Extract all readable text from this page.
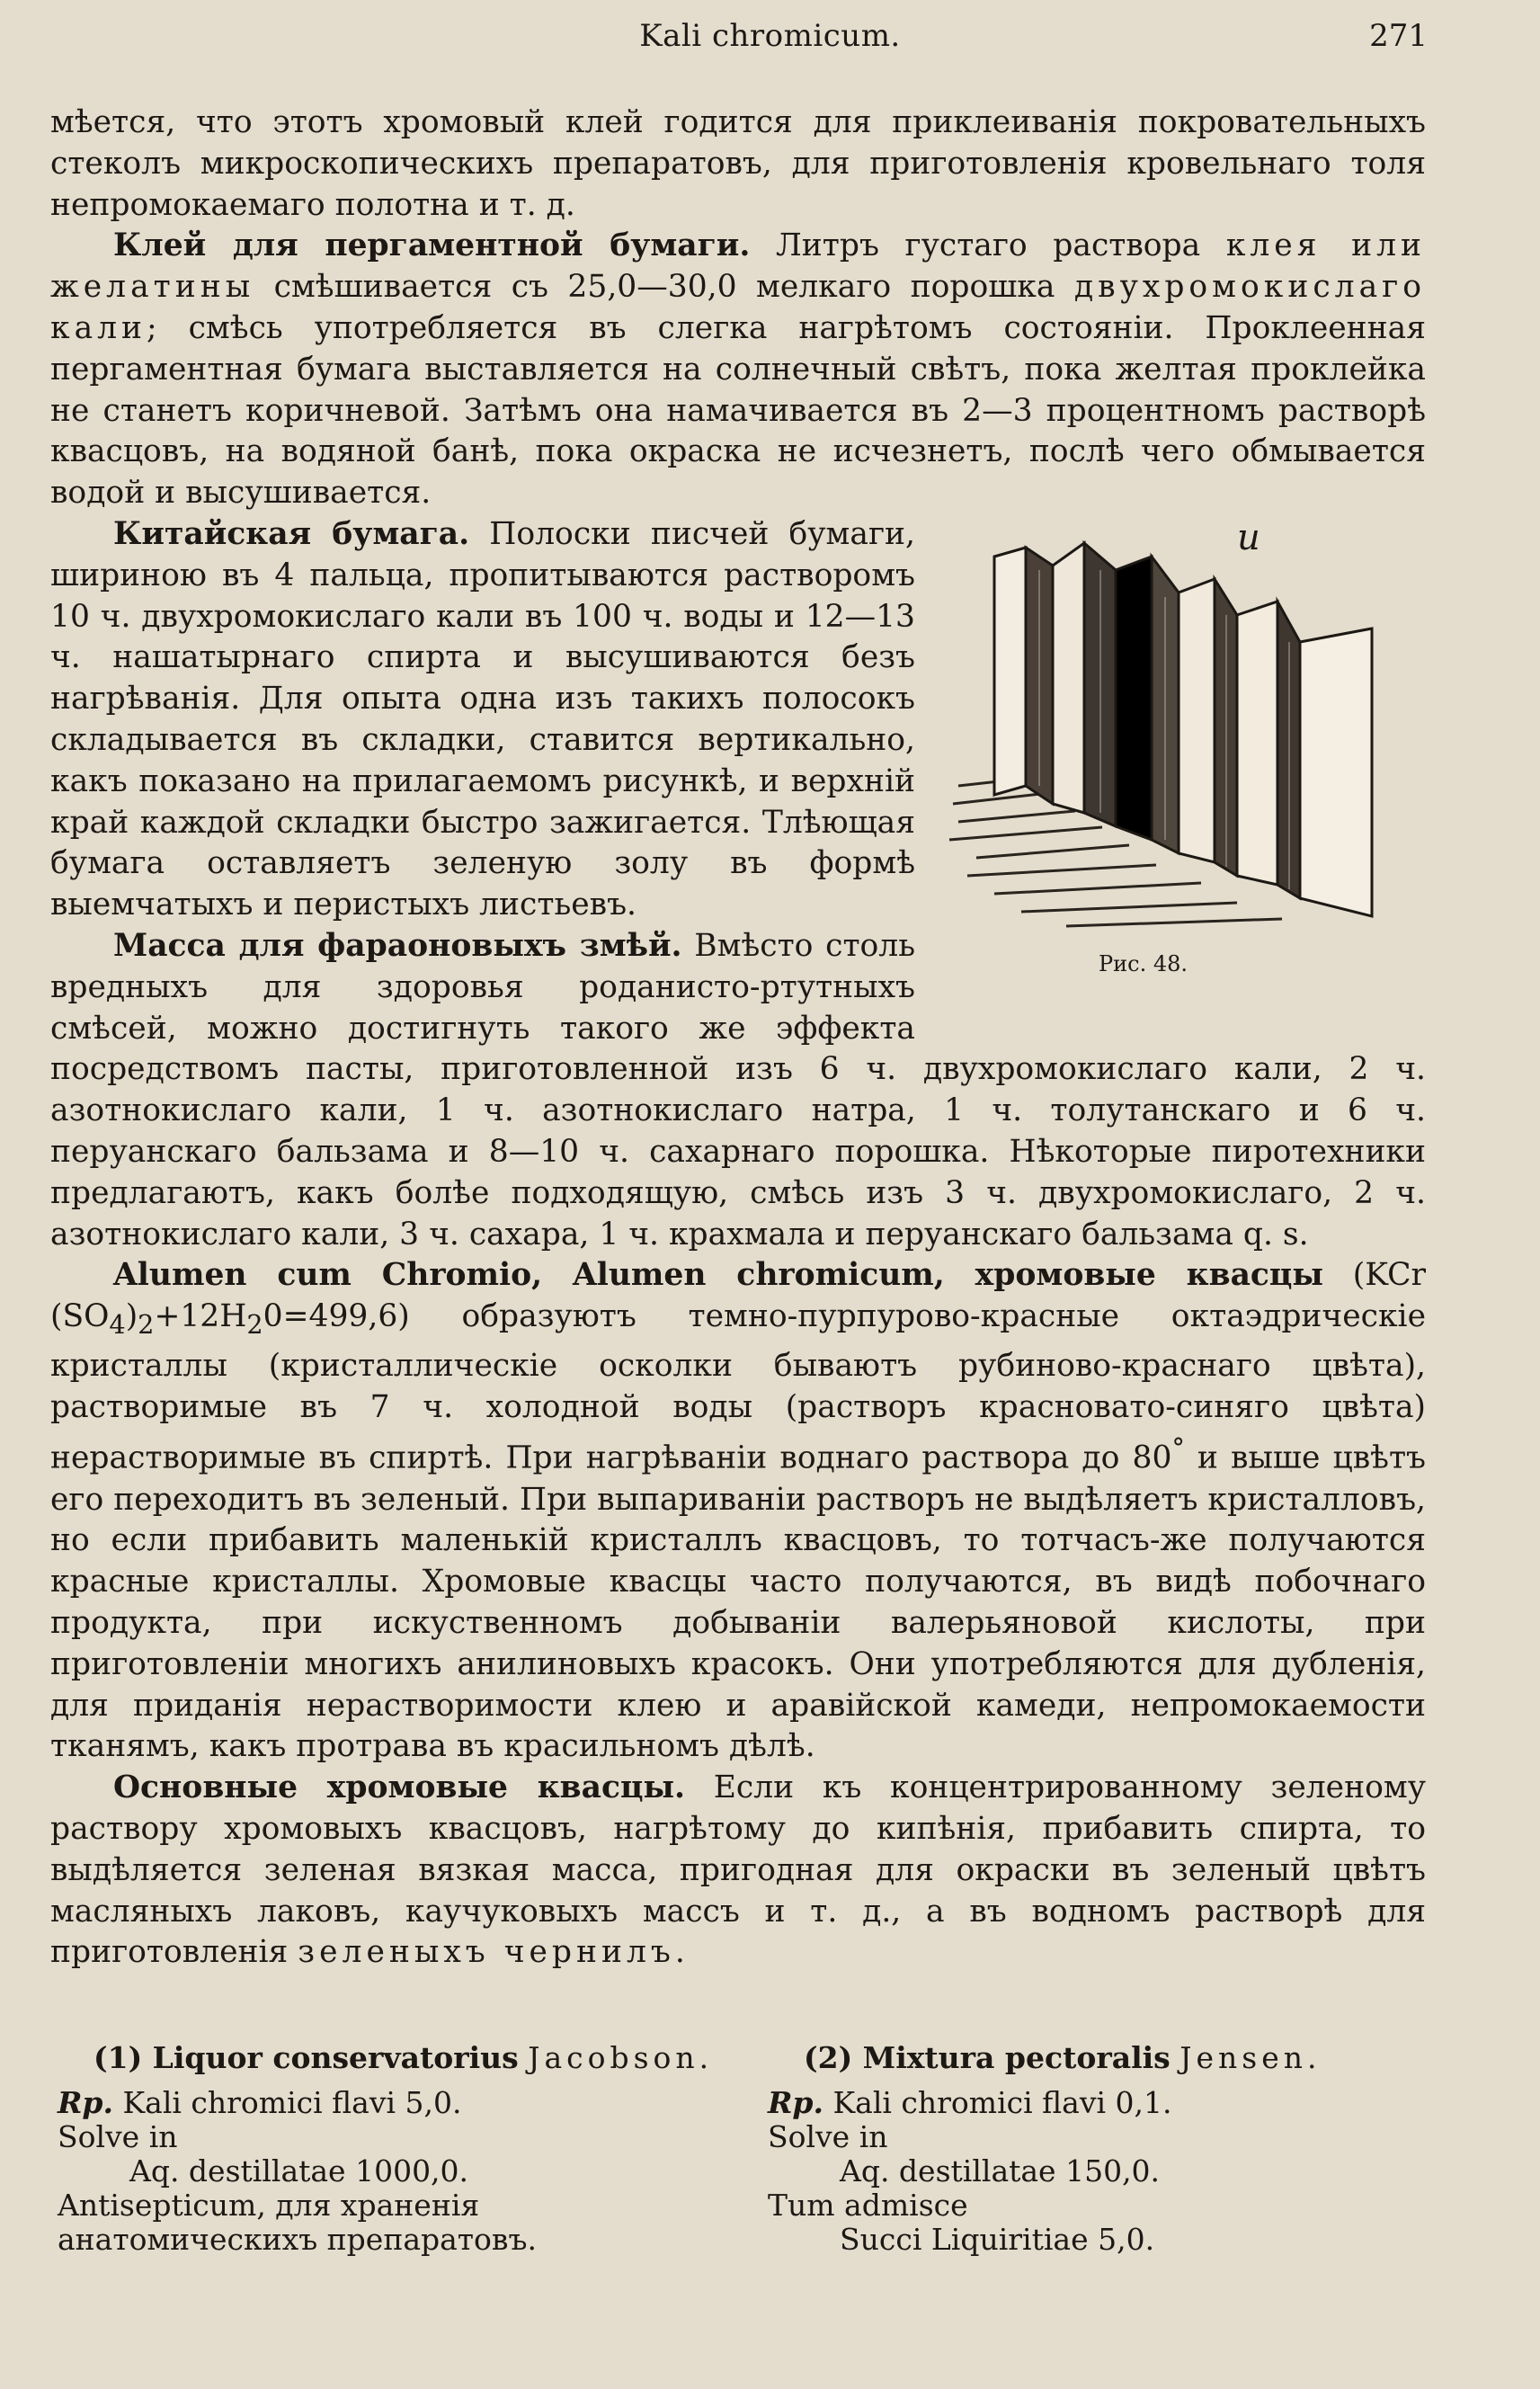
Kali chromicum.	271

мѣется, что этотъ хромовый клей годится для приклеиванія покровательныхъ стеколъ микроскопическихъ препаратовъ, для приготовленія кровельнаго толя непромокаемаго полотна и т. д.

Клей для пергаментной бумаги. Литръ густаго раствора клея или желатины смѣшивается съ 25,0—30,0 мелкаго порошка двухромокислаго кали; смѣсь употребляется въ слегка нагрѣтомъ состояніи. Проклеенная пергаментная бумага выставляется на солнечный свѣтъ, пока желтая проклейка не станетъ коричневой. Затѣмъ она намачивается въ 2—3 процентномъ растворѣ квасцовъ, на водяной банѣ, пока окраска не исчезнетъ, послѣ чего обмывается водой и высушивается.

и
Рис. 48.

Китайская бумага. Полоски писчей бумаги, шириною въ 4 пальца, пропитываются растворомъ 10 ч. двухромокислаго кали въ 100 ч. воды и 12—13 ч. нашатырнаго спирта и высушиваются безъ нагрѣванія. Для опыта одна изъ такихъ полосокъ складывается въ складки, ставится вертикально, какъ показано на прилагаемомъ рисункѣ, и верхній край каждой складки быстро зажигается. Тлѣющая бумага оставляетъ зеленую золу въ формѣ выемчатыхъ и перистыхъ листьевъ.

Масса для фараоновыхъ змѣй. Вмѣсто столь вредныхъ для здоровья роданисто-ртутныхъ смѣсей, можно достигнуть такого же эффекта посредствомъ пасты, приготовленной изъ 6 ч. двухромокислаго кали, 2 ч. азотнокислаго кали, 1 ч. азотнокислаго натра, 1 ч. толутанскаго и 6 ч. перуанскаго бальзама и 8—10 ч. сахарнаго порошка. Нѣкоторые пиротехники предлагаютъ, какъ болѣе подходящую, смѣсь изъ 3 ч. двухромокислаго, 2 ч. азотнокислаго кали, 3 ч. сахара, 1 ч. крахмала и перуанскаго бальзама q. s.

Alumen cum Chromio, Alumen chromicum, хромовые квасцы (KCr $(SO_4)_2+12H_20=499,6$) образуютъ темно-пурпурово-красные октаэдрическіе кристаллы (кристаллическіе осколки бываютъ рубиново-краснаго цвѣта), растворимые въ 7 ч. холодной воды (растворъ красновато-синяго цвѣта) нерастворимые въ спиртѣ. При нагрѣваніи воднаго раствора до 80° и выше цвѣтъ его переходитъ въ зеленый. При выпариваніи растворъ не выдѣляетъ кристалловъ, но если прибавить маленькій кристаллъ квасцовъ, то тотчасъ-же получаются красные кристаллы. Хромовые квасцы часто получаются, въ видѣ побочнаго продукта, при искуственномъ добываніи валерьяновой кислоты, при приготовленіи многихъ анилиновыхъ красокъ. Они употребляются для дубленія, для приданія нерастворимости клею и аравійской камеди, непромокаемости тканямъ, какъ протрава въ красильномъ дѣлѣ.

Основные хромовые квасцы. Если къ концентрированному зеленому раствору хромовыхъ квасцовъ, нагрѣтому до кипѣнія, прибавить спирта, то выдѣляется зеленая вязкая масса, пригодная для окраски въ зеленый цвѣтъ масляныхъ лаковъ, каучуковыхъ массъ и т. д., а въ водномъ растворѣ для приготовленія зеленыхъ чернилъ.

(1) Liquor conservatorius Jacobson.

Rp. Kali chromici flavi 5,0.

Solve in

Aq. destillatae 1000,0.

Antisepticum, для храненія анатомическихъ препаратовъ.

(2) Mixtura pectoralis Jensen.

Rp. Kali chromici flavi 0,1.

Solve in

Aq. destillatae 150,0.

Tum admisce

Succi Liquiritiae 5,0.
